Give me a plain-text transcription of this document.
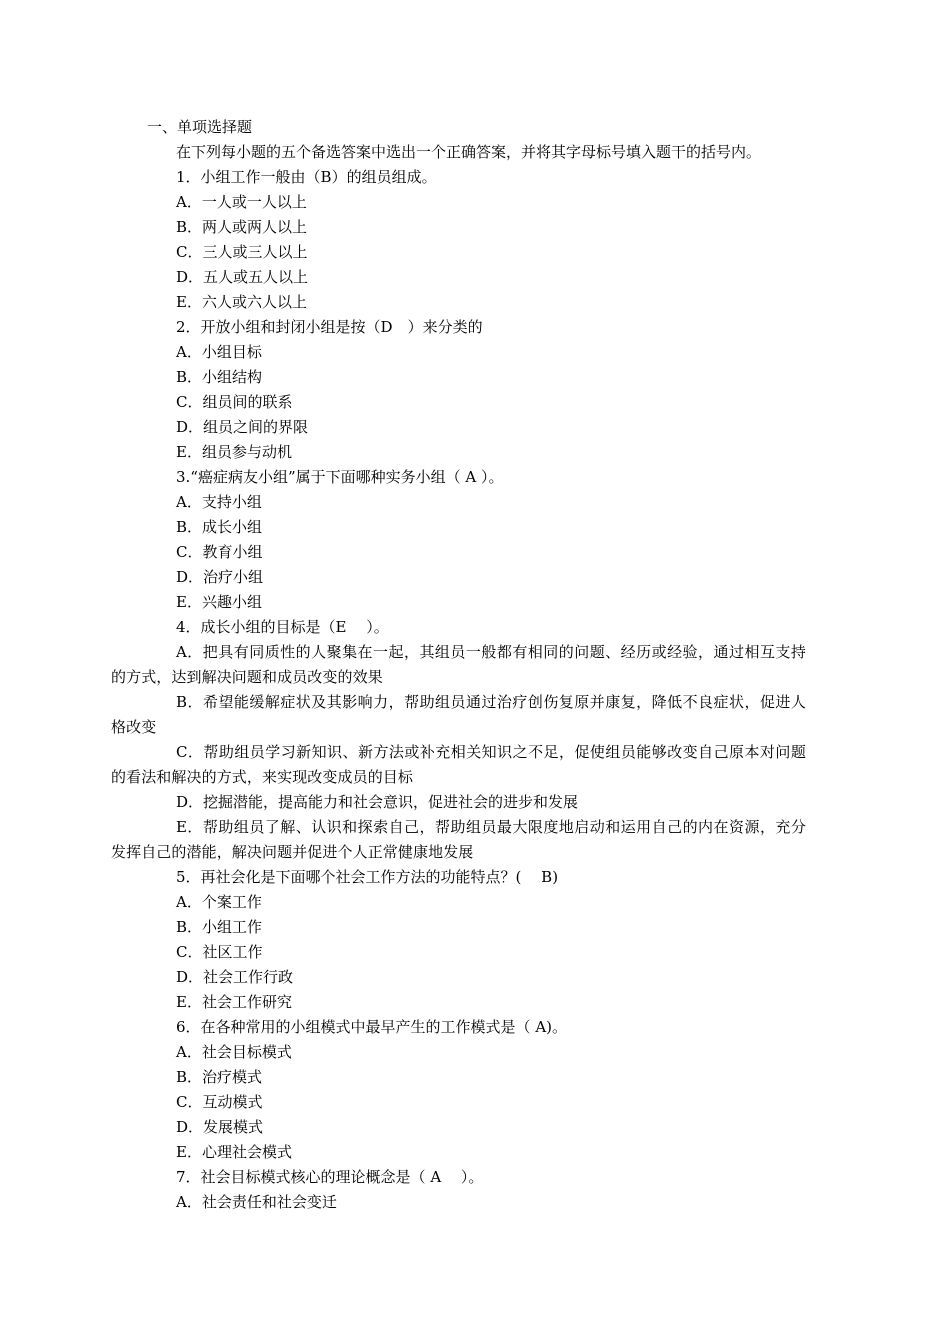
一、单项选择题

在下列每小题的五个备选答案中选出一个正确答案，并将其字母标号填入题干的括号内。

1．小组工作一般由（B）的组员组成。

A．一人或一人以上

B．两人或两人以上

C．三人或三人以上

D．五人或五人以上

E．六人或六人以上

2．开放小组和封闭小组是按（D　）来分类的

A．小组目标

B．小组结构

C．组员间的联系

D．组员之间的界限

E．组员参与动机

3.“癌症病友小组”属于下面哪种实务小组（ A ）。

A．支持小组

B．成长小组

C．教育小组

D．治疗小组

E．兴趣小组

4．成长小组的目标是（E　 ）。

A．把具有同质性的人聚集在一起，其组员一般都有相同的问题、经历或经验，通过相互支持的方式，达到解决问题和成员改变的效果

B．希望能缓解症状及其影响力，帮助组员通过治疗创伤复原并康复，降低不良症状，促进人格改变

C．帮助组员学习新知识、新方法或补充相关知识之不足，促使组员能够改变自己原本对问题的看法和解决的方式，来实现改变成员的目标

D．挖掘潜能，提高能力和社会意识，促进社会的进步和发展

E．帮助组员了解、认识和探索自己，帮助组员最大限度地启动和运用自己的内在资源，充分发挥自己的潜能，解决问题并促进个人正常健康地发展

5．再社会化是下面哪个社会工作方法的功能特点？(　 B)

A．个案工作

B．小组工作

C．社区工作

D．社会工作行政

E．社会工作研究

6．在各种常用的小组模式中最早产生的工作模式是（ A)。

A．社会目标模式

B．治疗模式

C．互动模式

D．发展模式

E．心理社会模式

7．社会目标模式核心的理论概念是（ A　 ）。

A．社会责任和社会变迁
